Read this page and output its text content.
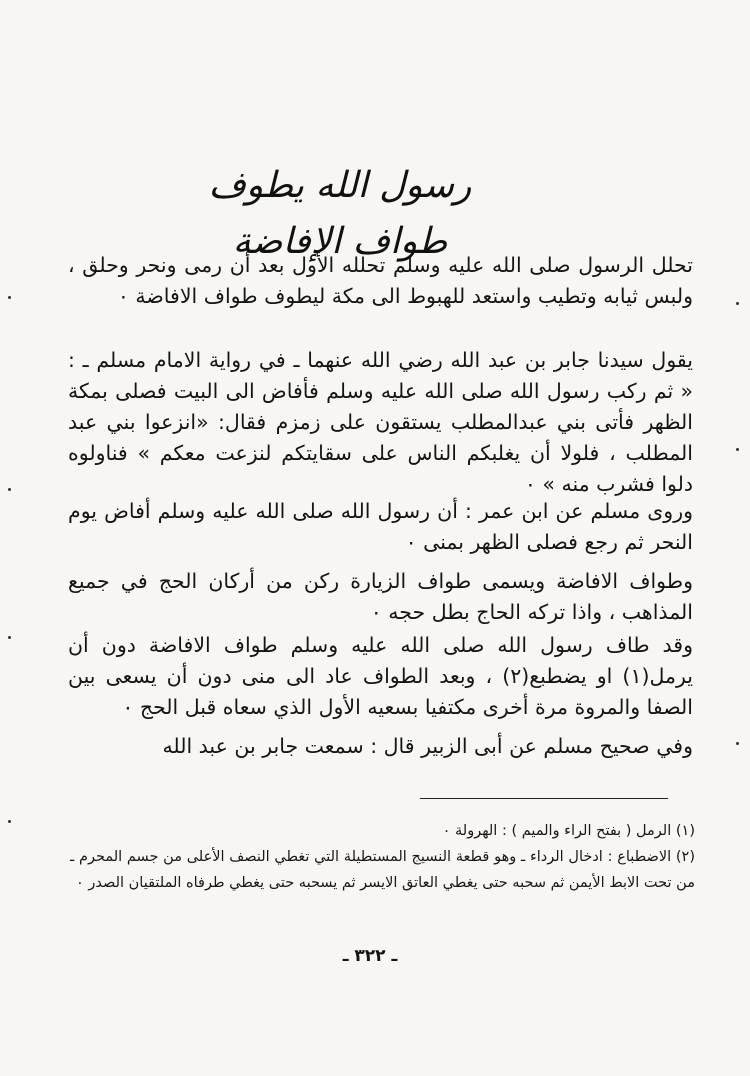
رسول الله يطوف طواف الإفاضة

تحلل الرسول صلى الله عليه وسلم تحلله الأول بعد أن رمى ونحر وحلق ، ولبس ثيابه وتطيب واستعد للهبوط الى مكة ليطوف طواف الافاضة ٠

يقول سيدنا جابر بن عبد الله رضي الله عنهما ـ في رواية الامام مسلم ـ : « ثم ركب رسول الله صلى الله عليه وسلم فأفاض الى البيت فصلى بمكة الظهر فأتى بني عبدالمطلب يستقون على زمزم فقال: «انزعوا بني عبد المطلب ، فلولا أن يغلبكم الناس على سقايتكم لنزعت معكم » فناولوه دلوا فشرب منه » ٠

وروى مسلم عن ابن عمر : أن رسول الله صلى الله عليه وسلم أفاض يوم النحر ثم رجع فصلى الظهر بمنى ٠

وطواف الافاضة ويسمى طواف الزيارة ركن من أركان الحج في جميع المذاهب ، واذا تركه الحاج بطل حجه ٠

وقد طاف رسول الله صلى الله عليه وسلم طواف الافاضة دون أن يرمل(١) او يضطبع(٢) ، وبعد الطواف عاد الى منى دون أن يسعى بين الصفا والمروة مرة أخرى مكتفيا بسعيه الأول الذي سعاه قبل الحج ٠

وفي صحيح مسلم عن أبى الزبير قال : سمعت جابر بن عبد الله

(١) الرمل ( بفتح الراء والميم ) : الهرولة ٠

(٢) الاضطباع : ادخال الرداء ـ وهو قطعة النسيج المستطيلة التي تغطي النصف الأعلى من جسم المحرم ـ من تحت الابط الأيمن ثم سحبه حتى يغطي العاتق الايسر ثم يسحبه حتى يغطي طرفاه الملتقيان الصدر ٠

ـ ٣٢٢ ـ
